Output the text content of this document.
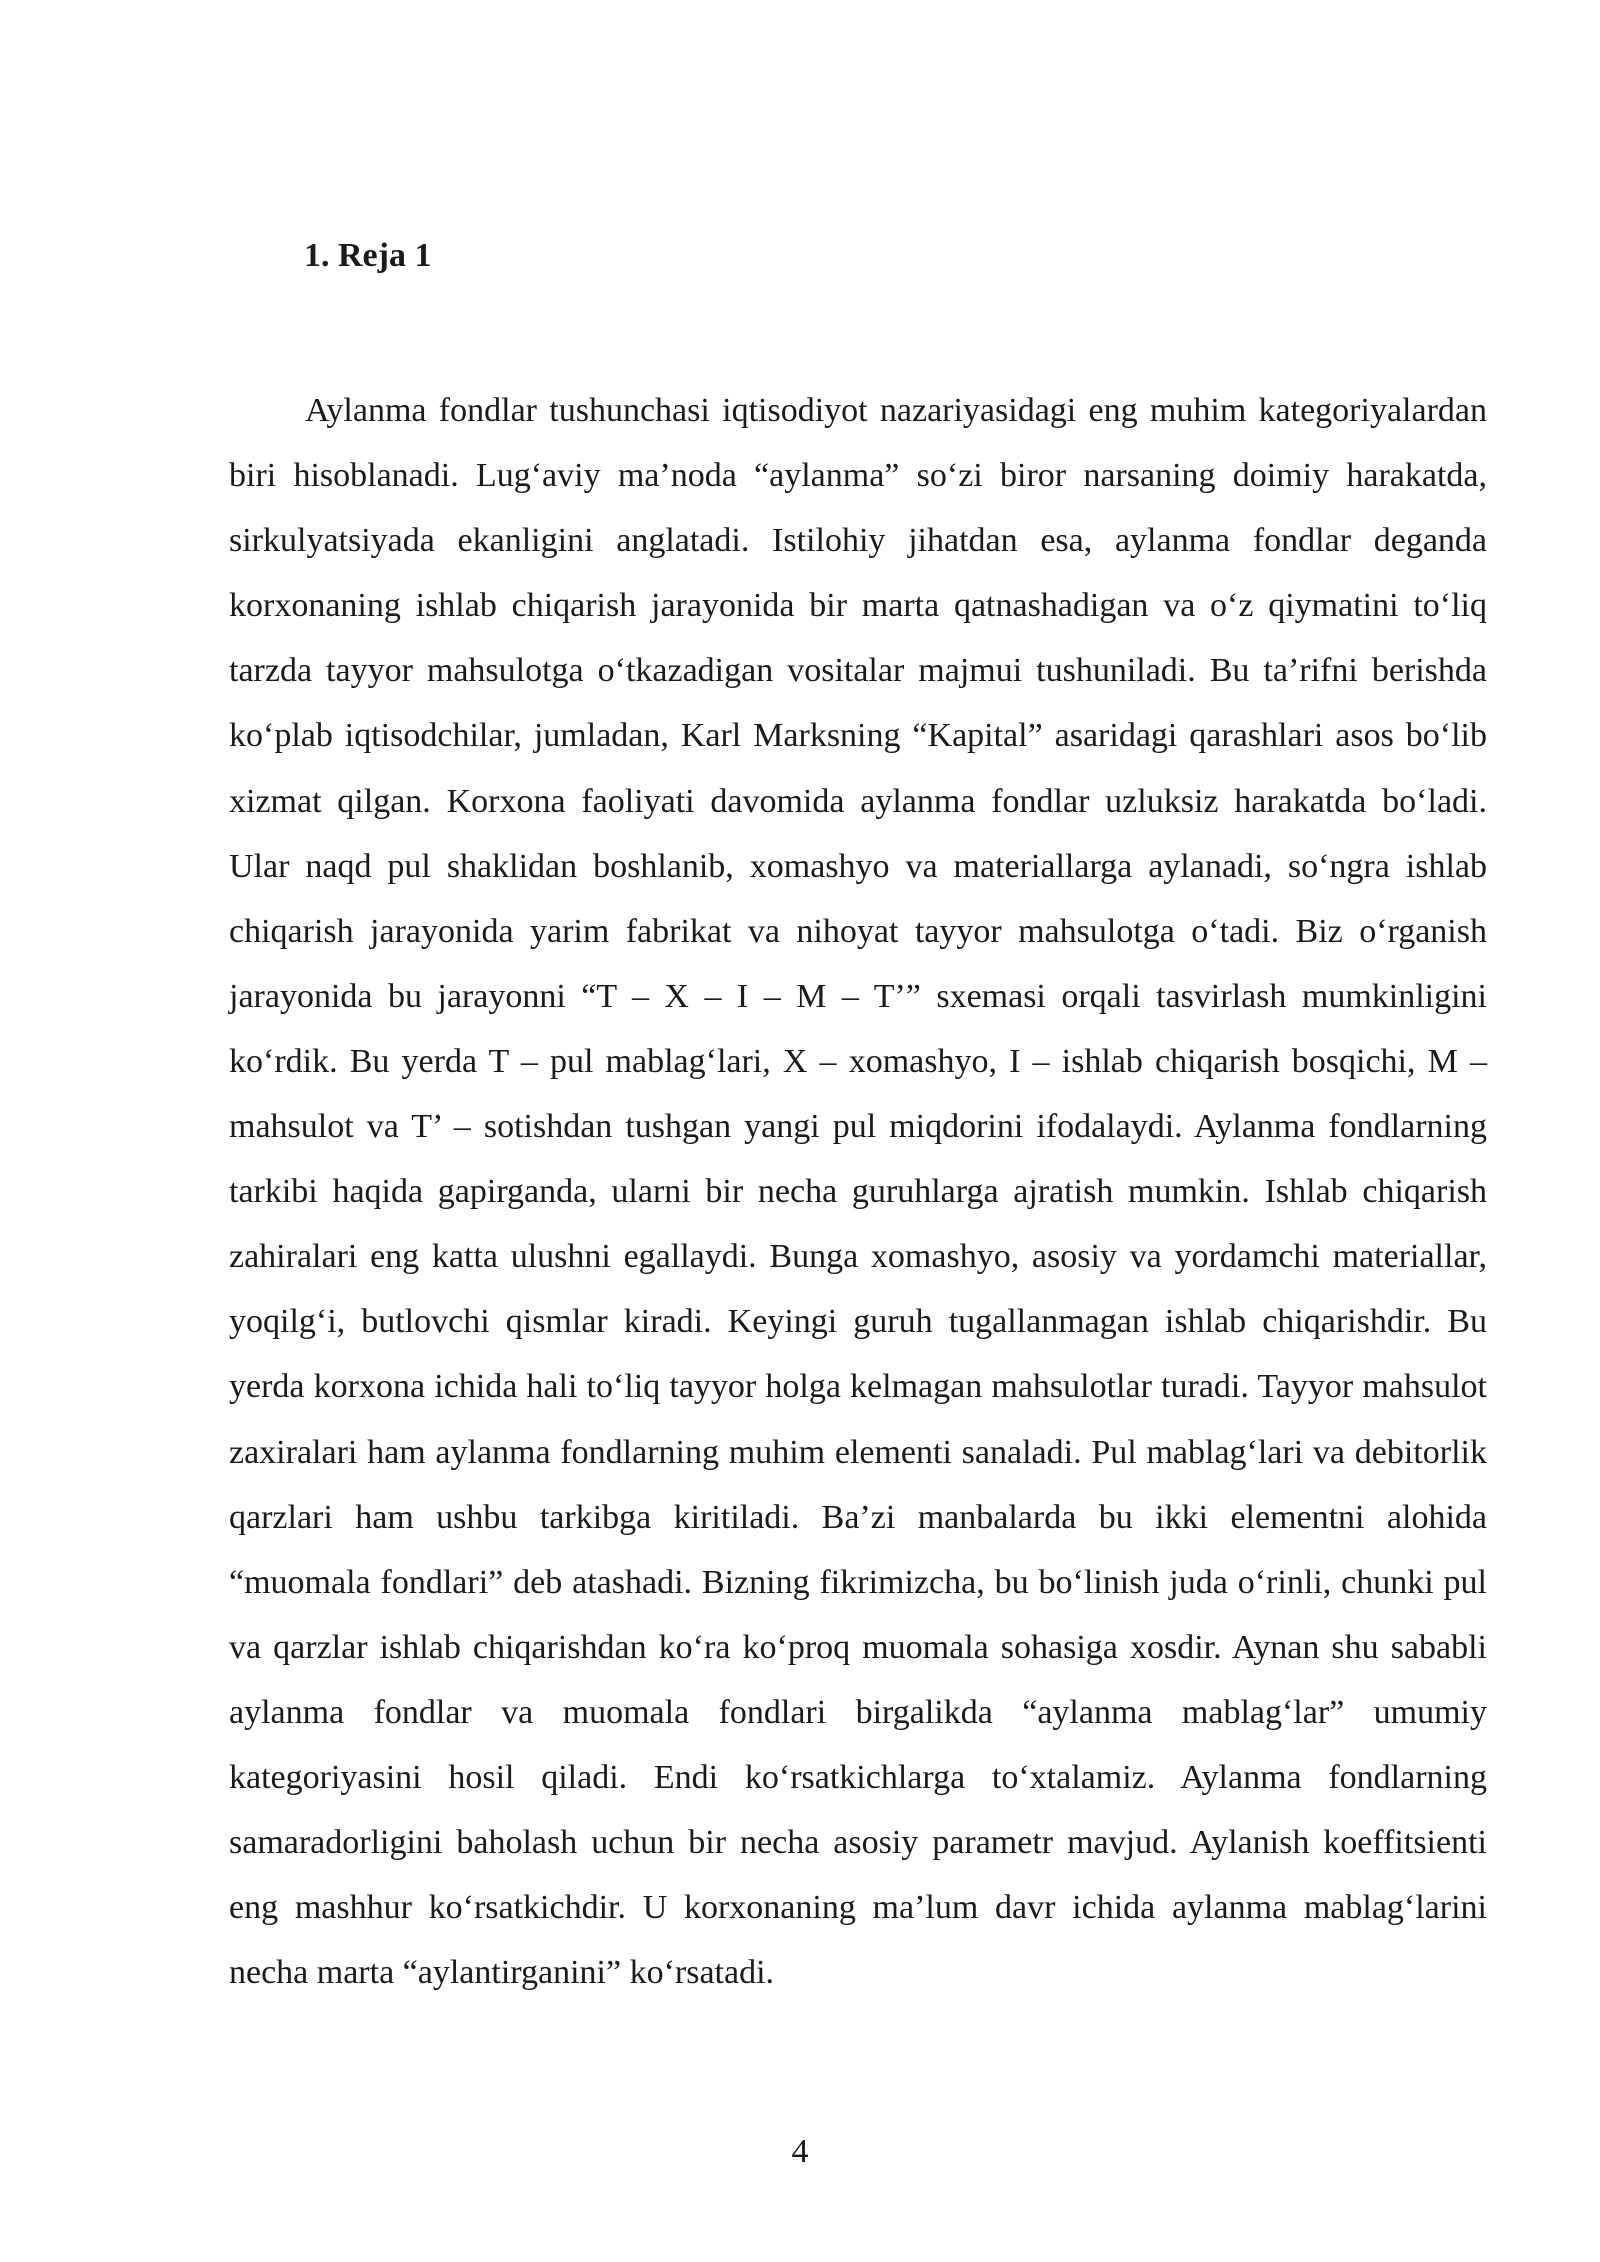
1. Reja 1

Aylanma fondlar tushunchasi iqtisodiyot nazariyasidagi eng muhim kategoriyalardan biri hisoblanadi. Lug‘aviy ma’noda “aylanma” so‘zi biror narsaning doimiy harakatda, sirkulyatsiyada ekanligini anglatadi. Istilohiy jihatdan esa, aylanma fondlar deganda korxonaning ishlab chiqarish jarayonida bir marta qatnashadigan va o‘z qiymatini to‘liq tarzda tayyor mahsulotga o‘tkazadigan vositalar majmui tushuniladi. Bu ta’rifni berishda ko‘plab iqtisodchilar, jumladan, Karl Marksning “Kapital” asaridagi qarashlari asos bo‘lib xizmat qilgan. Korxona faoliyati davomida aylanma fondlar uzluksiz harakatda bo‘ladi. Ular naqd pul shaklidan boshlanib, xomashyo va materiallarga aylanadi, so‘ngra ishlab chiqarish jarayonida yarim fabrikat va nihoyat tayyor mahsulotga o‘tadi. Biz o‘rganish jarayonida bu jarayonni “T – X – I – M – T’” sxemasi orqali tasvirlash mumkinligini ko‘rdik. Bu yerda T – pul mablag‘lari, X – xomashyo, I – ishlab chiqarish bosqichi, M – mahsulot va T’ – sotishdan tushgan yangi pul miqdorini ifodalaydi. Aylanma fondlarning tarkibi haqida gapirganda, ularni bir necha guruhlarga ajratish mumkin. Ishlab chiqarish zahiralari eng katta ulushni egallaydi. Bunga xomashyo, asosiy va yordamchi materiallar, yoqilg‘i, butlovchi qismlar kiradi. Keyingi guruh tugallanmagan ishlab chiqarishdir. Bu yerda korxona ichida hali to‘liq tayyor holga kelmagan mahsulotlar turadi. Tayyor mahsulot zaxiralari ham aylanma fondlarning muhim elementi sanaladi. Pul mablag‘lari va debitorlik qarzlari ham ushbu tarkibga kiritiladi. Ba’zi manbalarda bu ikki elementni alohida “muomala fondlari” deb atashadi. Bizning fikrimizcha, bu bo‘linish juda o‘rinli, chunki pul va qarzlar ishlab chiqarishdan ko‘ra ko‘proq muomala sohasiga xosdir. Aynan shu sababli aylanma fondlar va muomala fondlari birgalikda “aylanma mablag‘lar” umumiy kategoriyasini hosil qiladi. Endi ko‘rsatkichlarga to‘xtalamiz. Aylanma fondlarning samaradorligini baholash uchun bir necha asosiy parametr mavjud. Aylanish koeffitsienti eng mashhur ko‘rsatkichdir. U korxonaning ma’lum davr ichida aylanma mablag‘larini necha marta “aylantirganini” ko‘rsatadi.

4
